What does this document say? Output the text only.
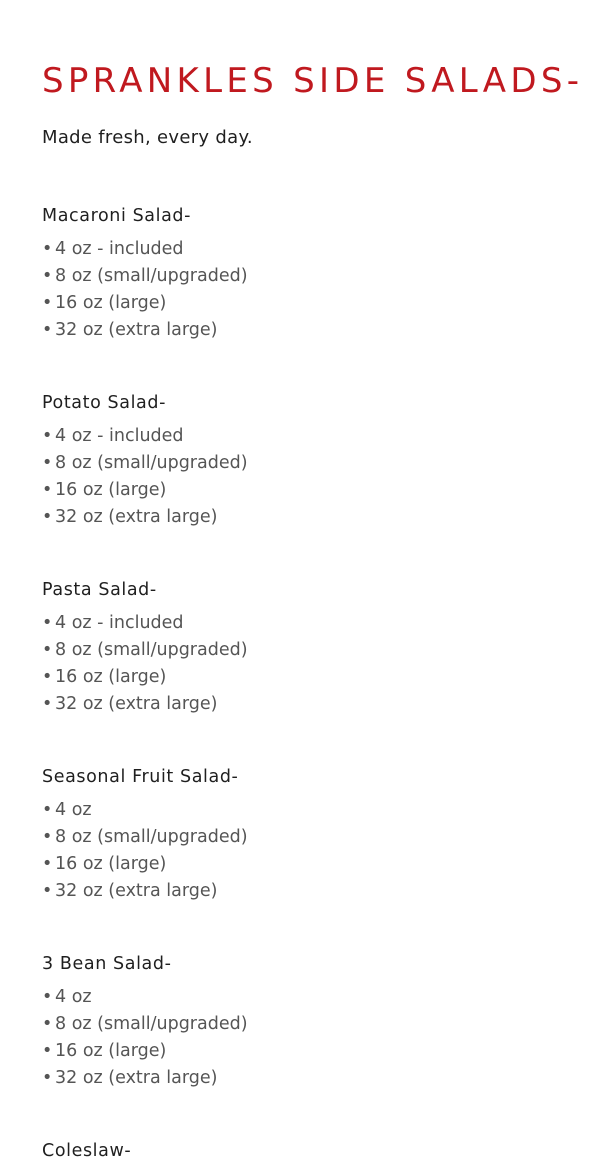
SPRANKLES SIDE SALADS-

Made fresh, every day.

Macaroni Salad-
• 4 oz - included
• 8 oz (small/upgraded)
• 16 oz (large)
• 32 oz (extra large)
Potato Salad-
• 4 oz - included
• 8 oz (small/upgraded)
• 16 oz (large)
• 32 oz (extra large)
Pasta Salad-
• 4 oz - included
• 8 oz (small/upgraded)
• 16 oz (large)
• 32 oz (extra large)
Seasonal Fruit Salad-
• 4 oz
• 8 oz (small/upgraded)
• 16 oz (large)
• 32 oz (extra large)
3 Bean Salad-
• 4 oz
• 8 oz (small/upgraded)
• 16 oz (large)
• 32 oz (extra large)
Coleslaw-
